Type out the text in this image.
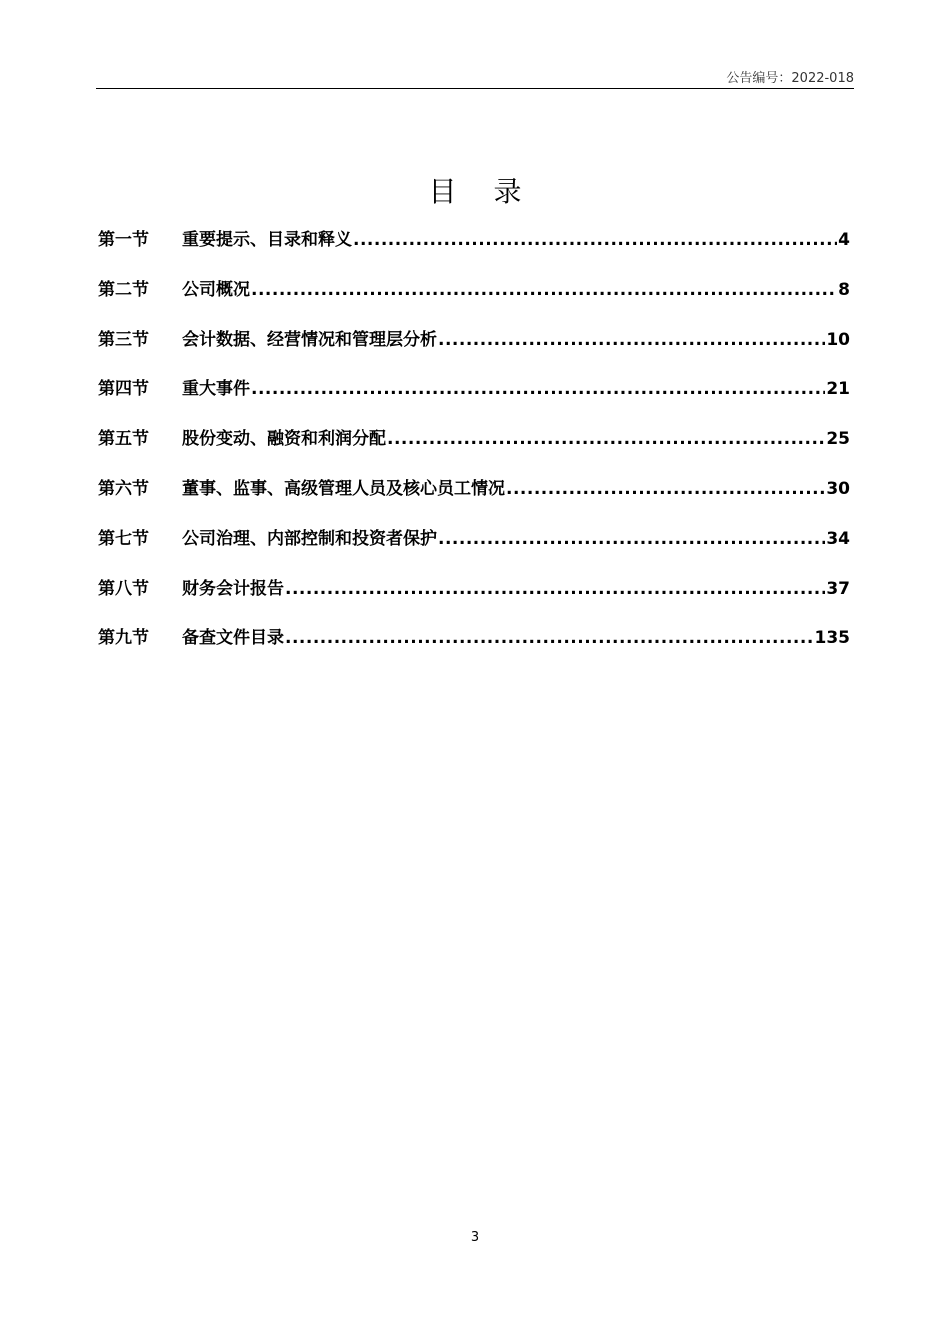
公告编号：2022-018
目 录
第一节	重要提示、目录和释义 .....	4
第二节	公司概况 .....	8
第三节	会计数据、经营情况和管理层分析 .....	10
第四节	重大事件 .....	21
第五节	股份变动、融资和利润分配 .....	25
第六节	董事、监事、高级管理人员及核心员工情况 .....	30
第七节	公司治理、内部控制和投资者保护 .....	34
第八节	财务会计报告 .....	37
第九节	备查文件目录 .....	135
3
